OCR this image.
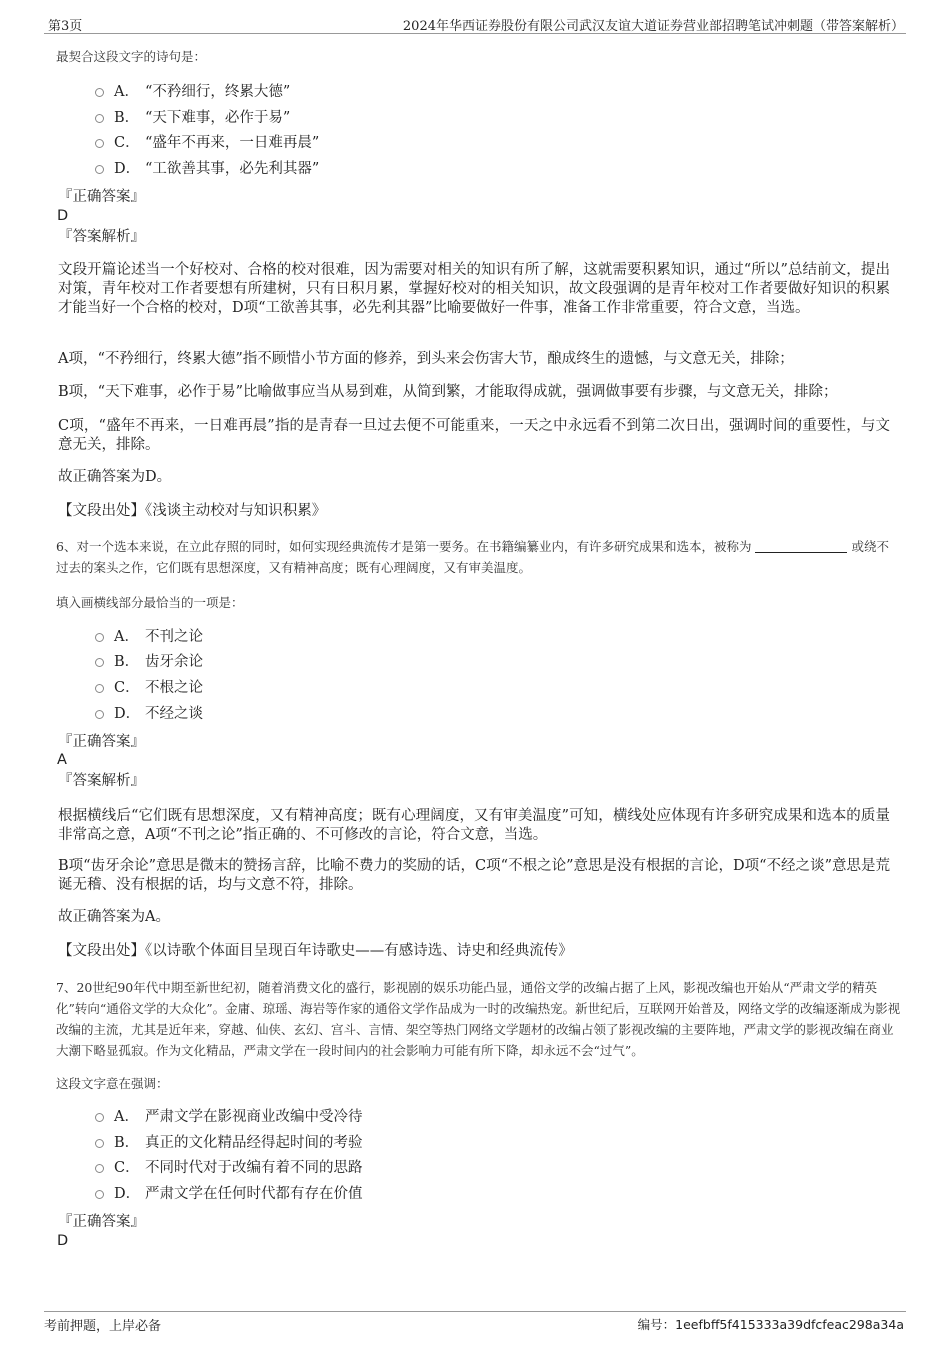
第3页	2024年华西证券股份有限公司武汉友谊大道证券营业部招聘笔试冲刺题（带答案解析）
最契合这段文字的诗句是：
A． “不矜细行，终累大德”
B． “天下难事，必作于易”
C． “盛年不再来，一日难再晨”
D． “工欲善其事，必先利其器”
『正确答案』
D
『答案解析』
文段开篇论述当一个好校对、合格的校对很难，因为需要对相关的知识有所了解，这就需要积累知识，通过“所以”总结前文，提出对策，青年校对工作者要想有所建树，只有日积月累，掌握好校对的相关知识，故文段强调的是青年校对工作者要做好知识的积累才能当好一个合格的校对，D项“工欲善其事，必先利其器”比喻要做好一件事，准备工作非常重要，符合文意，当选。
A项，“不矜细行，终累大德”指不顾惜小节方面的修养，到头来会伤害大节，酿成终生的遗憾，与文意无关，排除；
B项，“天下难事，必作于易”比喻做事应当从易到难，从简到繁，才能取得成就，强调做事要有步骤，与文意无关，排除；
C项，“盛年不再来，一日难再晨”指的是青春一旦过去便不可能重来，一天之中永远看不到第二次日出，强调时间的重要性，与文意无关，排除。
故正确答案为D。
【文段出处】《浅谈主动校对与知识积累》
6、对一个选本来说，在立此存照的同时，如何实现经典流传才是第一要务。在书籍编纂业内，有许多研究成果和选本，被称为	或绕不过去的案头之作，它们既有思想深度，又有精神高度；既有心理阔度，又有审美温度。
填入画横线部分最恰当的一项是：
A． 不刊之论
B． 齿牙余论
C． 不根之论
D． 不经之谈
『正确答案』
A
『答案解析』
根据横线后“它们既有思想深度，又有精神高度；既有心理阔度，又有审美温度”可知，横线处应体现有许多研究成果和选本的质量非常高之意，A项“不刊之论”指正确的、不可修改的言论，符合文意，当选。
B项“齿牙余论”意思是微末的赞扬言辞，比喻不费力的奖励的话，C项“不根之论”意思是没有根据的言论，D项“不经之谈”意思是荒诞无稽、没有根据的话，均与文意不符，排除。
故正确答案为A。
【文段出处】《以诗歌个体面目呈现百年诗歌史——有感诗选、诗史和经典流传》
7、20世纪90年代中期至新世纪初，随着消费文化的盛行，影视剧的娱乐功能凸显，通俗文学的改编占据了上风，影视改编也开始从“严肃文学的精英化”转向“通俗文学的大众化”。金庸、琼瑶、海岩等作家的通俗文学作品成为一时的改编热宠。新世纪后，互联网开始普及，网络文学的改编逐渐成为影视改编的主流，尤其是近年来，穿越、仙侠、玄幻、宫斗、言情、架空等热门网络文学题材的改编占领了影视改编的主要阵地，严肃文学的影视改编在商业大潮下略显孤寂。作为文化精品，严肃文学在一段时间内的社会影响力可能有所下降，却永远不会“过气”。
这段文字意在强调：
A． 严肃文学在影视商业改编中受冷待
B． 真正的文化精品经得起时间的考验
C． 不同时代对于改编有着不同的思路
D． 严肃文学在任何时代都有存在价值
『正确答案』
D
考前押题，上岸必备	编号：1eefbff5f415333a39dfcfeac298a34a
